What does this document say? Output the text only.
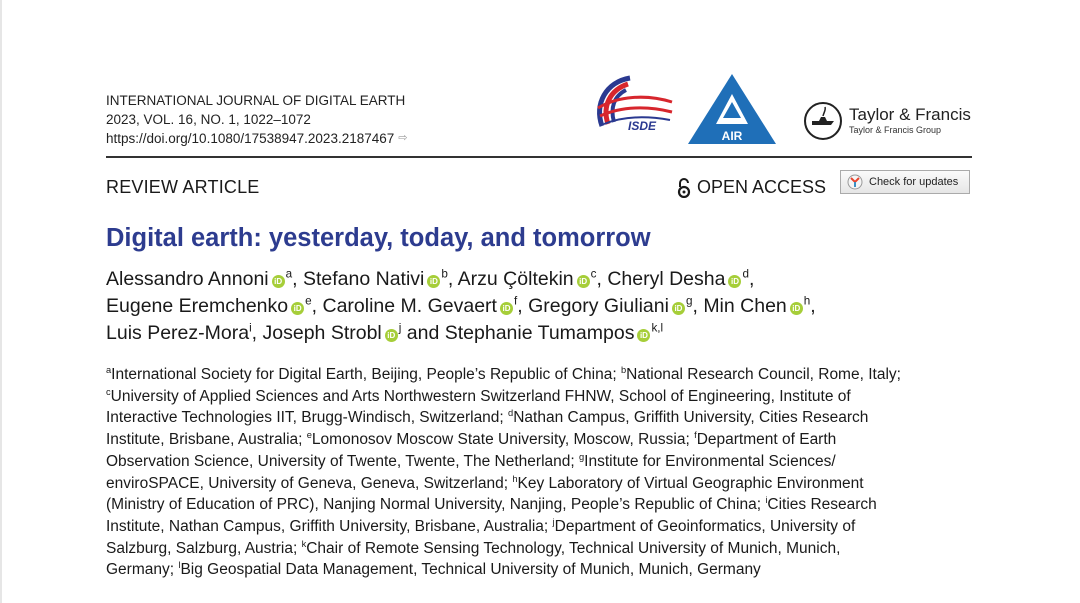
INTERNATIONAL JOURNAL OF DIGITAL EARTH
2023, VOL. 16, NO. 1, 1022–1072
https://doi.org/10.1080/17538947.2023.2187467 ⇨
ISDE
AIR
Taylor & Francis
Taylor & Francis Group
REVIEW ARTICLE	OPEN ACCESS	Check for updates
Digital earth: yesterday, today, and tomorrow
Alessandro Annoni $iD^a$, Stefano Nativi $iD^b$, Arzu Çöltekin $iD^c$, Cheryl Desha $iD^d$,
Eugene Eremchenko $iD^e$, Caroline M. Gevaert $iD^f$, Gregory Giuliani $iD^g$, Min Chen $iD^h$,
Luis Perez-Mora$^i$, Joseph Strobl $iD^j$ and Stephanie Tumampos iD$^{k,l}$
$^a$International Society for Digital Earth, Beijing, People’s Republic of China; $^b$National Research Council, Rome, Italy;
$^c$University of Applied Sciences and Arts Northwestern Switzerland FHNW, School of Engineering, Institute of
Interactive Technologies IIT, Brugg-Windisch, Switzerland; $^d$Nathan Campus, Griffith University, Cities Research
Institute, Brisbane, Australia; $^e$Lomonosov Moscow State University, Moscow, Russia; $^f$Department of Earth
Observation Science, University of Twente, Twente, The Netherland; $^g$Institute for Environmental Sciences/
enviroSPACE, University of Geneva, Geneva, Switzerland; $^h$Key Laboratory of Virtual Geographic Environment
(Ministry of Education of PRC), Nanjing Normal University, Nanjing, People’s Republic of China; $^i$Cities Research
Institute, Nathan Campus, Griffith University, Brisbane, Australia; $^j$Department of Geoinformatics, University of
Salzburg, Salzburg, Austria; $^k$Chair of Remote Sensing Technology, Technical University of Munich, Munich,
Germany; $^l$Big Geospatial Data Management, Technical University of Munich, Munich, Germany
